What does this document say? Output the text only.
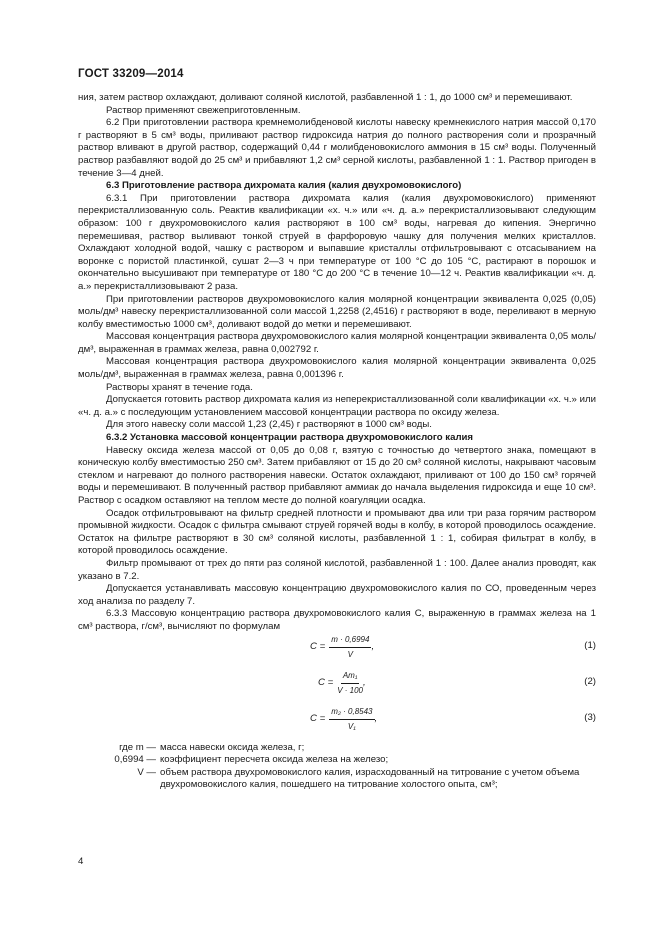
ГОСТ 33209—2014

ния, затем раствор охлаждают, доливают соляной кислотой, разбавленной 1 : 1, до 1000 см³ и перемешивают.

Раствор применяют свежеприготовленным.

6.2 При приготовлении раствора кремнемолибденовой кислоты навеску кремнекислого натрия массой 0,170 г растворяют в 5 см³ воды, приливают раствор гидроксида натрия до полного растворения соли и прозрачный раствор вливают в другой раствор, содержащий 0,44 г молибденовокислого аммония в 15 см³ воды. Полученный раствор разбавляют водой до 25 см³ и прибавляют 1,2 см³ серной кислоты, разбавленной 1 : 1. Раствор пригоден в течение 3—4 дней.

6.3 Приготовление раствора дихромата калия (калия двухромовокислого)

6.3.1 При приготовлении раствора дихромата калия (калия двухромовокислого) применяют перекристаллизованную соль. Реактив квалификации «х. ч.» или «ч. д. а.» перекристаллизовывают следующим образом: 100 г двухромовокислого калия растворяют в 100 см³ воды, нагревая до кипения. Энергично перемешивая, раствор выливают тонкой струей в фарфоровую чашку для получения мелких кристаллов. Охлаждают холодной водой, чашку с раствором и выпавшие кристаллы отфильтровывают с отсасыванием на воронке с пористой пластинкой, сушат 2—3 ч при температуре от 100 °С до 105 °С, растирают в порошок и окончательно высушивают при температуре от 180 °С до 200 °С в течение 10—12 ч. Реактив квалификации «ч. д. а.» перекристаллизовывают 2 раза.

При приготовлении растворов двухромовокислого калия молярной концентрации эквивалента 0,025 (0,05) моль/дм³ навеску перекристаллизованной соли массой 1,2258 (2,4516) г растворяют в воде, переливают в мерную колбу вместимостью 1000 см³, доливают водой до метки и перемешивают.

Массовая концентрация раствора двухромовокислого калия молярной концентрации эквивалента 0,05 моль/дм³, выраженная в граммах железа, равна 0,002792 г.

Массовая концентрация раствора двухромовокислого калия молярной концентрации эквивалента 0,025 моль/дм³, выраженная в граммах железа, равна 0,001396 г.

Растворы хранят в течение года.

Допускается готовить раствор дихромата калия из неперекристаллизованной соли квалификации «х. ч.» или «ч. д. а.» с последующим установлением массовой концентрации раствора по оксиду железа.

Для этого навеску соли массой 1,23 (2,45) г растворяют в 1000 см³ воды.

6.3.2 Установка массовой концентрации раствора двухромовокислого калия

Навеску оксида железа массой от 0,05 до 0,08 г, взятую с точностью до четвертого знака, помещают в коническую колбу вместимостью 250 см³. Затем прибавляют от 15 до 20 см³ соляной кислоты, накрывают часовым стеклом и нагревают до полного растворения навески. Остаток охлаждают, приливают от 100 до 150 см³ горячей воды и перемешивают. В полученный раствор прибавляют аммиак до начала выделения гидроксида и еще 10 см³. Раствор с осадком оставляют на теплом месте до полной коагуляции осадка.

Осадок отфильтровывают на фильтр средней плотности и промывают два или три раза горячим раствором промывной жидкости. Осадок с фильтра смывают струей горячей воды в колбу, в которой проводилось осаждение. Остаток на фильтре растворяют в 30 см³ соляной кислоты, разбавленной 1 : 1, собирая фильтрат в колбу, в которой проводилось осаждение.

Фильтр промывают от трех до пяти раз соляной кислотой, разбавленной 1 : 100. Далее анализ проводят, как указано в 7.2.

Допускается устанавливать массовую концентрацию двухромовокислого калия по СО, проведенным через ход анализа по разделу 7.

6.3.3 Массовую концентрацию раствора двухромовокислого калия С, выраженную в граммах железа на 1 см³ раствора, г/см³, вычисляют по формулам

$C = \frac{m \cdot 0,6994}{V}$ ,	(1)
$C = \frac{\text{Am₁}}{V \cdot 100}$ ,	(2)
$C = \frac{\text{m₂ · 0,8543}}{\text{V₁}}$ ,	(3)
где m — масса навески оксида железа, г;
0,6994 — коэффициент пересчета оксида железа на железо;
V — объем раствора двухромовокислого калия, израсходованный на титрование с учетом объема
двухромовокислого калия, пошедшего на титрование холостого опыта, см³;
4
